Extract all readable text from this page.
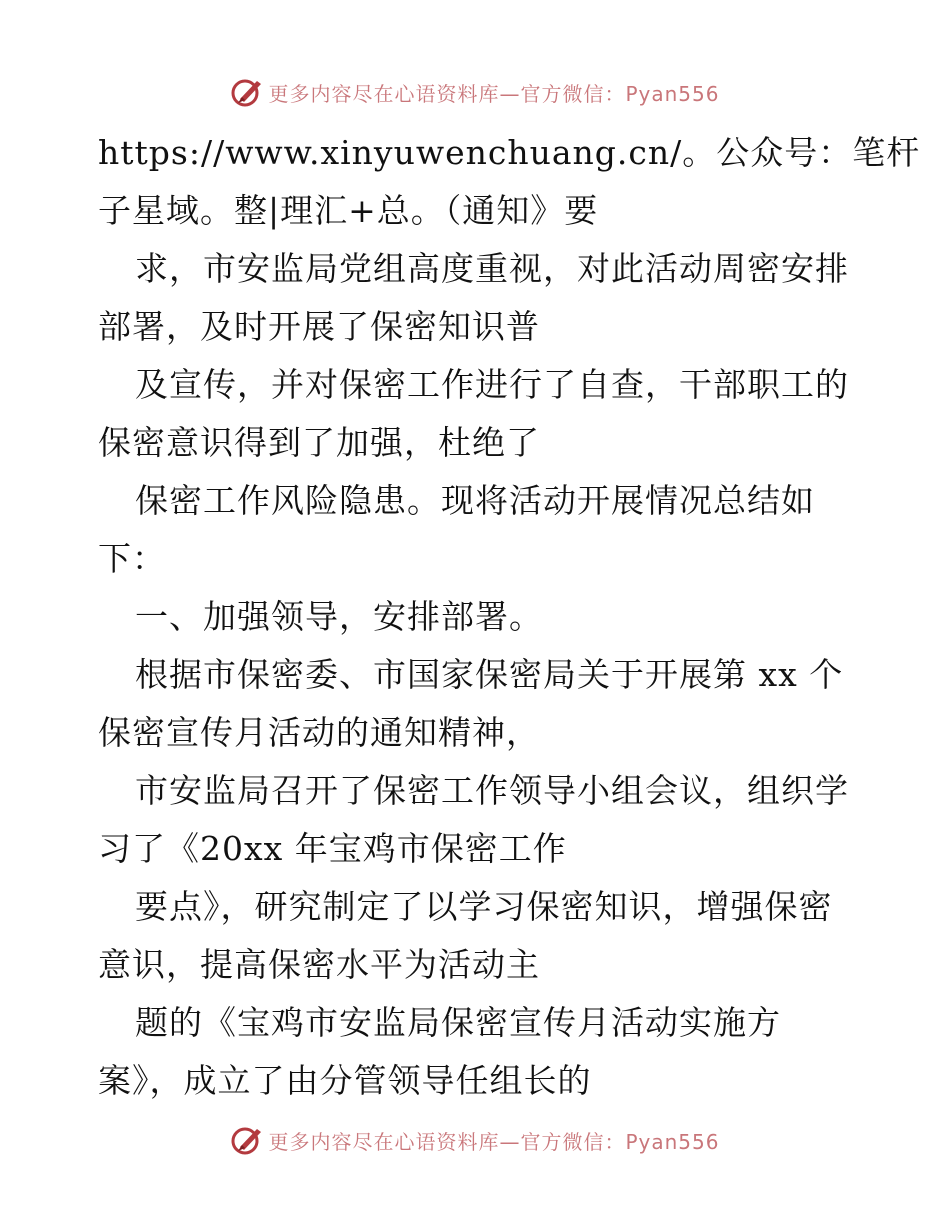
更多内容尽在心语资料库—官方微信：Pyan556
https://www.xinyuwenchuang.cn/。公众号：笔杆
子星域。整|理汇+总。（通知》要
求，市安监局党组高度重视，对此活动周密安排
部署，及时开展了保密知识普
及宣传，并对保密工作进行了自查，干部职工的
保密意识得到了加强，杜绝了
保密工作风险隐患。现将活动开展情况总结如
下：
一、加强领导，安排部署。
根据市保密委、市国家保密局关于开展第 xx 个
保密宣传月活动的通知精神，
市安监局召开了保密工作领导小组会议，组织学
习了《20xx 年宝鸡市保密工作
要点》，研究制定了以学习保密知识，增强保密
意识，提高保密水平为活动主
题的《宝鸡市安监局保密宣传月活动实施方
案》，成立了由分管领导任组长的
更多内容尽在心语资料库—官方微信：Pyan556
